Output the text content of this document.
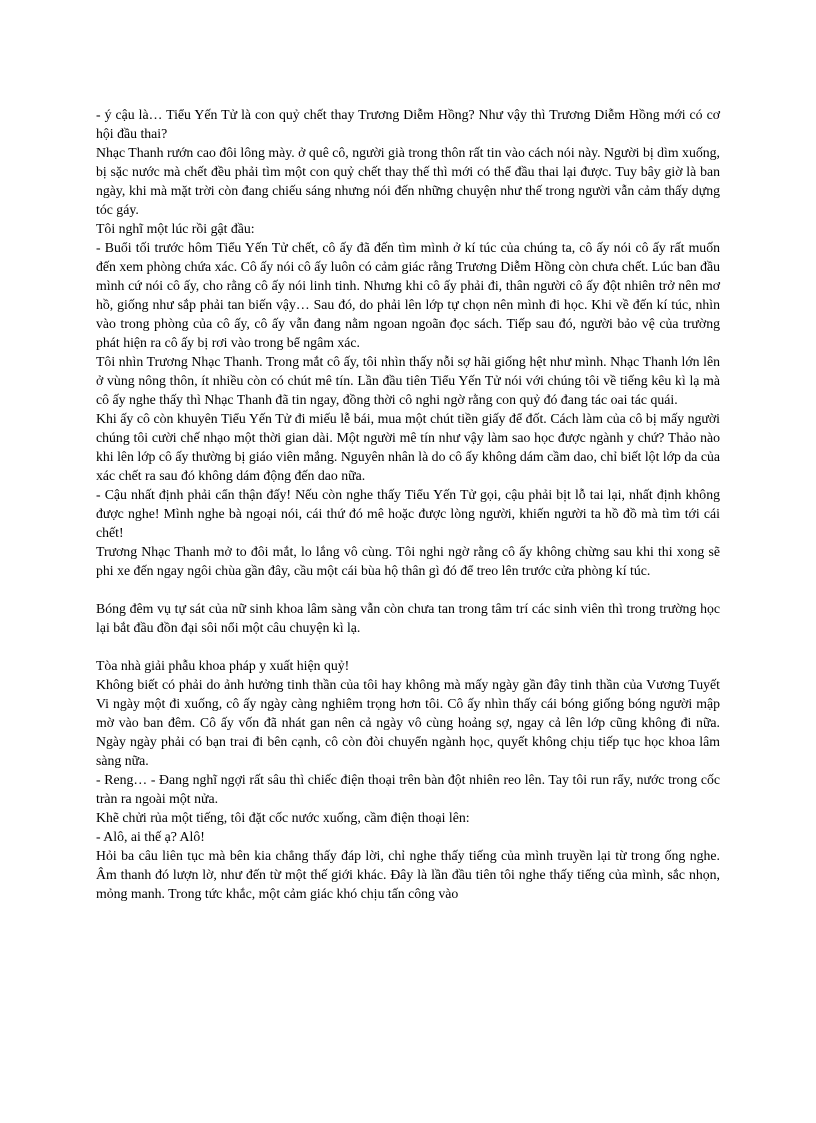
- ý cậu là… Tiểu Yến Tử là con quỷ chết thay Trương Diễm Hồng? Như vậy thì Trương Diễm Hồng mới có cơ hội đầu thai?

Nhạc Thanh rướn cao đôi lông mày. ở quê cô, người già trong thôn rất tin vào cách nói này. Người bị dìm xuống, bị sặc nước mà chết đều phải tìm một con quỷ chết thay thế thì mới có thể đầu thai lại được. Tuy bây giờ là ban ngày, khi mà mặt trời còn đang chiếu sáng nhưng nói đến những chuyện như thế trong người vẫn cảm thấy dựng tóc gáy.

Tôi nghĩ một lúc rồi gật đầu:

- Buổi tối trước hôm Tiểu Yến Tử chết, cô ấy đã đến tìm mình ở kí túc của chúng ta, cô ấy nói cô ấy rất muốn đến xem phòng chứa xác. Cô ấy nói cô ấy luôn có cảm giác rằng Trương Diễm Hồng còn chưa chết. Lúc ban đầu mình cứ nói cô ấy, cho rằng cô ấy nói linh tinh. Nhưng khi cô ấy phải đi, thân người cô ấy đột nhiên trở nên mơ hồ, giống như sắp phải tan biến vậy… Sau đó, do phải lên lớp tự chọn nên mình đi học. Khi về đến kí túc, nhìn vào trong phòng của cô ấy, cô ấy vẫn đang nằm ngoan ngoãn đọc sách. Tiếp sau đó, người bảo vệ của trường phát hiện ra cô ấy bị rơi vào trong bể ngâm xác.

Tôi nhìn Trương Nhạc Thanh. Trong mắt cô ấy, tôi nhìn thấy nỗi sợ hãi giống hệt như mình. Nhạc Thanh lớn lên ở vùng nông thôn, ít nhiều còn có chút mê tín. Lần đầu tiên Tiểu Yến Tử nói với chúng tôi về tiếng kêu kì lạ mà cô ấy nghe thấy thì Nhạc Thanh đã tin ngay, đồng thời cô nghi ngờ rằng con quỷ đó đang tác oai tác quái.

Khi ấy cô còn khuyên Tiểu Yến Tử đi miếu lễ bái, mua một chút tiền giấy để đốt. Cách làm của cô bị mấy người chúng tôi cười chế nhạo một thời gian dài. Một người mê tín như vậy làm sao học được ngành y chứ? Thảo nào khi lên lớp cô ấy thường bị giáo viên mắng. Nguyên nhân là do cô ấy không dám cầm dao, chỉ biết lột lớp da của xác chết ra sau đó không dám động đến dao nữa.

- Cậu nhất định phải cẩn thận đấy! Nếu còn nghe thấy Tiểu Yến Tử gọi, cậu phải bịt lỗ tai lại, nhất định không được nghe! Mình nghe bà ngoại nói, cái thứ đó mê hoặc được lòng người, khiến người ta hồ đồ mà tìm tới cái chết!

Trương Nhạc Thanh mở to đôi mắt, lo lắng vô cùng. Tôi nghi ngờ rằng cô ấy không chừng sau khi thi xong sẽ phi xe đến ngay ngôi chùa gần đây, cầu một cái bùa hộ thân gì đó để treo lên trước cửa phòng kí túc.

Bóng đêm vụ tự sát của nữ sinh khoa lâm sàng vẫn còn chưa tan trong tâm trí các sinh viên thì trong trường học lại bắt đầu đồn đại sôi nổi một câu chuyện kì lạ.

Tòa nhà giải phẫu khoa pháp y xuất hiện quỷ!

Không biết có phải do ảnh hưởng tinh thần của tôi hay không mà mấy ngày gần đây tinh thần của Vương Tuyết Vi ngày một đi xuống, cô ấy ngày càng nghiêm trọng hơn tôi. Cô ấy nhìn thấy cái bóng giống bóng người mập mờ vào ban đêm. Cô ấy vốn đã nhát gan nên cả ngày vô cùng hoảng sợ, ngay cả lên lớp cũng không đi nữa. Ngày ngày phải có bạn trai đi bên cạnh, cô còn đòi chuyển ngành học, quyết không chịu tiếp tục học khoa lâm sàng nữa.

- Reng… - Đang nghĩ ngợi rất sâu thì chiếc điện thoại trên bàn đột nhiên reo lên. Tay tôi run rẩy, nước trong cốc tràn ra ngoài một nửa.

Khẽ chửi rủa một tiếng, tôi đặt cốc nước xuống, cầm điện thoại lên:

- Alô, ai thế ạ? Alô!

Hỏi ba câu liên tục mà bên kia chẳng thấy đáp lời, chỉ nghe thấy tiếng của mình truyền lại từ trong ống nghe. Âm thanh đó lượn lờ, như đến từ một thế giới khác. Đây là lần đầu tiên tôi nghe thấy tiếng của mình, sắc nhọn, mỏng manh. Trong tức khắc, một cảm giác khó chịu tấn công vào
